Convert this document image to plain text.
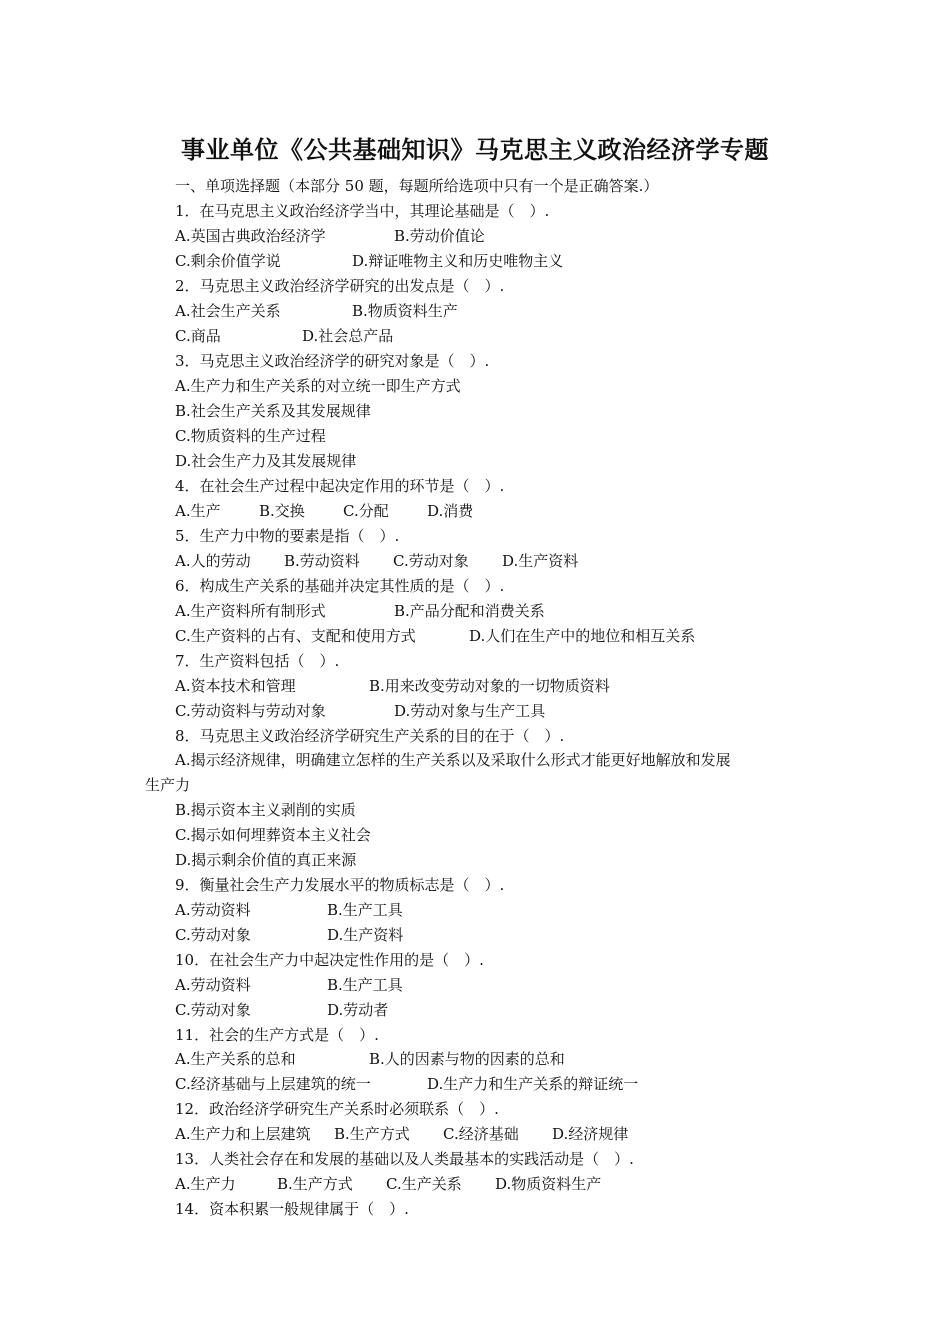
事业单位《公共基础知识》马克思主义政治经济学专题
一、单项选择题（本部分 50 题，每题所给选项中只有一个是正确答案.）
1．在马克思主义政治经济学当中，其理论基础是（　）.
A.英国古典政治经济学	B.劳动价值论
C.剩余价值学说	D.辩证唯物主义和历史唯物主义
2．马克思主义政治经济学研究的出发点是（　）.
A.社会生产关系	B.物质资料生产
C.商品	D.社会总产品
3．马克思主义政治经济学的研究对象是（　）.
A.生产力和生产关系的对立统一即生产方式
B.社会生产关系及其发展规律
C.物质资料的生产过程
D.社会生产力及其发展规律
4．在社会生产过程中起决定作用的环节是（　）.
A.生产	B.交换	C.分配	D.消费
5．生产力中物的要素是指（　）.
A.人的劳动 B.劳动资料 C.劳动对象 D.生产资料
6．构成生产关系的基础并决定其性质的是（　）.
A.生产资料所有制形式	B.产品分配和消费关系
C.生产资料的占有、支配和使用方式	D.人们在生产中的地位和相互关系
7．生产资料包括（　）.
A.资本技术和管理	B.用来改变劳动对象的一切物质资料
C.劳动资料与劳动对象	D.劳动对象与生产工具
8．马克思主义政治经济学研究生产关系的目的在于（　）.
A.揭示经济规律，明确建立怎样的生产关系以及采取什么形式才能更好地解放和发展
生产力
B.揭示资本主义剥削的实质
C.揭示如何埋葬资本主义社会
D.揭示剩余价值的真正来源
9．衡量社会生产力发展水平的物质标志是（　）.
A.劳动资料	B.生产工具
C.劳动对象	D.生产资料
10．在社会生产力中起决定性作用的是（　）.
A.劳动资料	B.生产工具
C.劳动对象	D.劳动者
11．社会的生产方式是（　）.
A.生产关系的总和	B.人的因素与物的因素的总和
C.经济基础与上层建筑的统一	D.生产力和生产关系的辩证统一
12．政治经济学研究生产关系时必须联系（　）.
A.生产力和上层建筑 B.生产方式 C.经济基础 D.经济规律
13．人类社会存在和发展的基础以及人类最基本的实践活动是（　）.
A.生产力	B.生产方式 C.生产关系 D.物质资料生产
14．资本积累一般规律属于（　）.
